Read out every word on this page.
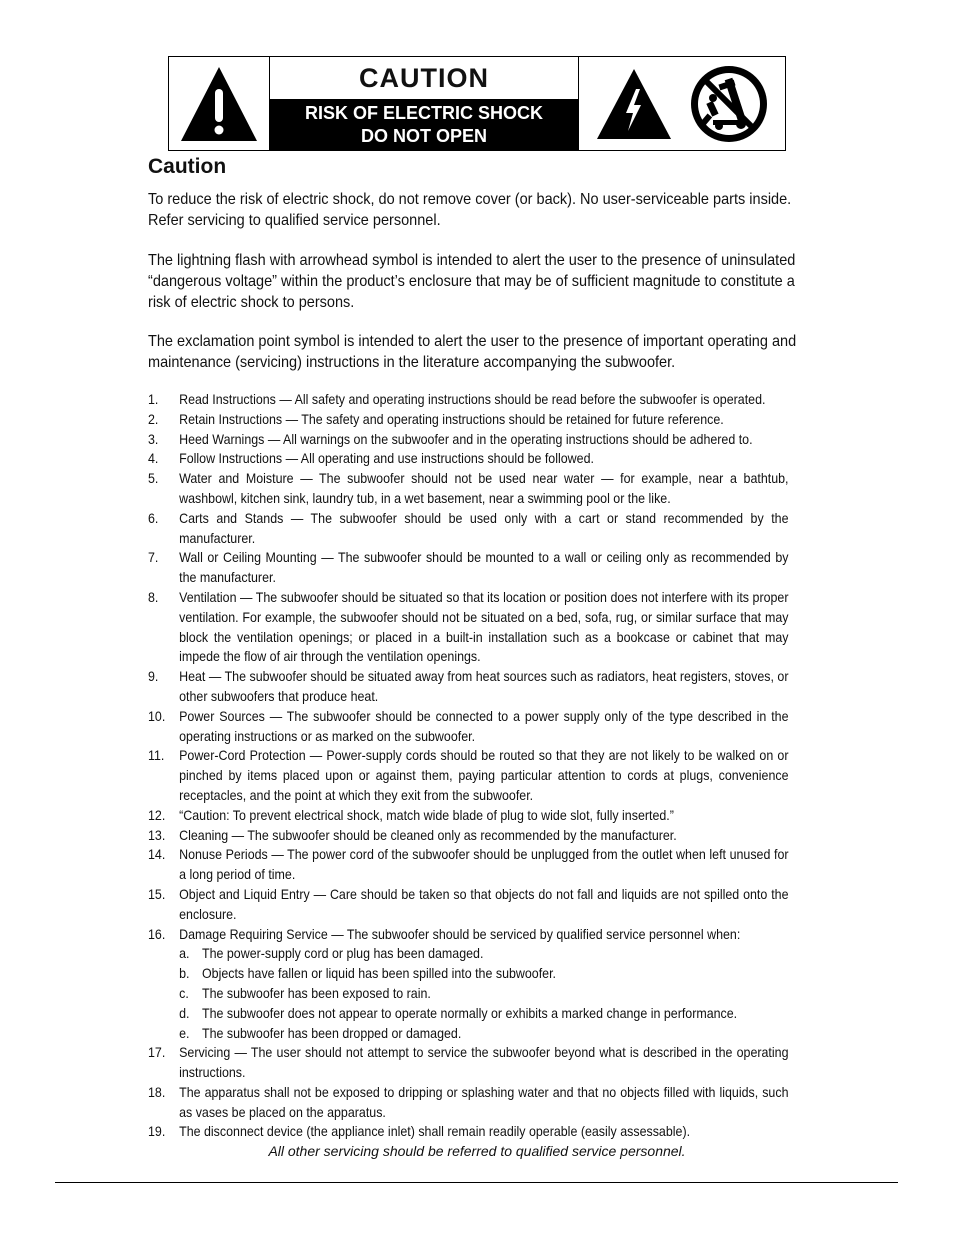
CAUTION
RISK OF ELECTRIC SHOCK
DO NOT OPEN
Caution
To reduce the risk of electric shock, do not remove cover (or back). No user-serviceable parts inside. Refer servicing to qualified service personnel.
The lightning flash with arrowhead symbol is intended to alert the user to the presence of uninsulated “dangerous voltage” within the product’s enclosure that may be of sufficient magnitude to constitute a risk of electric shock to persons.
The exclamation point symbol is intended to alert the user to the presence of important operating and maintenance (servicing) instructions in the literature accompanying the subwoofer.
1.	Read Instructions — All safety and operating instructions should be read before the subwoofer is operated.
2.	Retain Instructions — The safety and operating instructions should be retained for future reference.
3.	Heed Warnings — All warnings on the subwoofer and in the operating instructions should be adhered to.
4.	Follow Instructions — All operating and use instructions should be followed.
5.	Water and Moisture — The subwoofer should not be used near water — for example, near a bathtub, washbowl, kitchen sink, laundry tub, in a wet basement, near a swimming pool or the like.
6.	Carts and Stands — The subwoofer should be used only with a cart or stand recommended by the manufacturer.
7.	Wall or Ceiling Mounting — The subwoofer should be mounted to a wall or ceiling only as recommended by the manufacturer.
8.	Ventilation — The subwoofer should be situated so that its location or position does not interfere with its proper ventilation. For example, the subwoofer should not be situated on a bed, sofa, rug, or similar surface that may block the ventilation openings; or placed in a built-in installation such as a bookcase or cabinet that may impede the flow of air through the ventilation openings.
9.	Heat — The subwoofer should be situated away from heat sources such as radiators, heat registers, stoves, or other subwoofers that produce heat.
10.	Power Sources — The subwoofer should be connected to a power supply only of the type described in the operating instructions or as marked on the subwoofer.
11.	Power-Cord Protection — Power-supply cords should be routed so that they are not likely to be walked on or pinched by items placed upon or against them, paying particular attention to cords at plugs, convenience receptacles, and the point at which they exit from the subwoofer.
12.	“Caution: To prevent electrical shock, match wide blade of plug to wide slot, fully inserted.”
13.	Cleaning — The subwoofer should be cleaned only as recommended by the manufacturer.
14.	Nonuse Periods — The power cord of the subwoofer should be unplugged from the outlet when left unused for a long period of time.
15.	Object and Liquid Entry — Care should be taken so that objects do not fall and liquids are not spilled onto the enclosure.
16.	Damage Requiring Service — The subwoofer should be serviced by qualified service personnel when:
a. The power-supply cord or plug has been damaged.
b. Objects have fallen or liquid has been spilled into the subwoofer.
c. The subwoofer has been exposed to rain.
d. The subwoofer does not appear to operate normally or exhibits a marked change in performance.
e. The subwoofer has been dropped or damaged.
17.	Servicing — The user should not attempt to service the subwoofer beyond what is described in the operating instructions.
18.	The apparatus shall not be exposed to dripping or splashing water and that no objects filled with liquids, such as vases be placed on the apparatus.
19.	The disconnect device (the appliance inlet) shall remain readily operable (easily assessable).
All other servicing should be referred to qualified service personnel.
